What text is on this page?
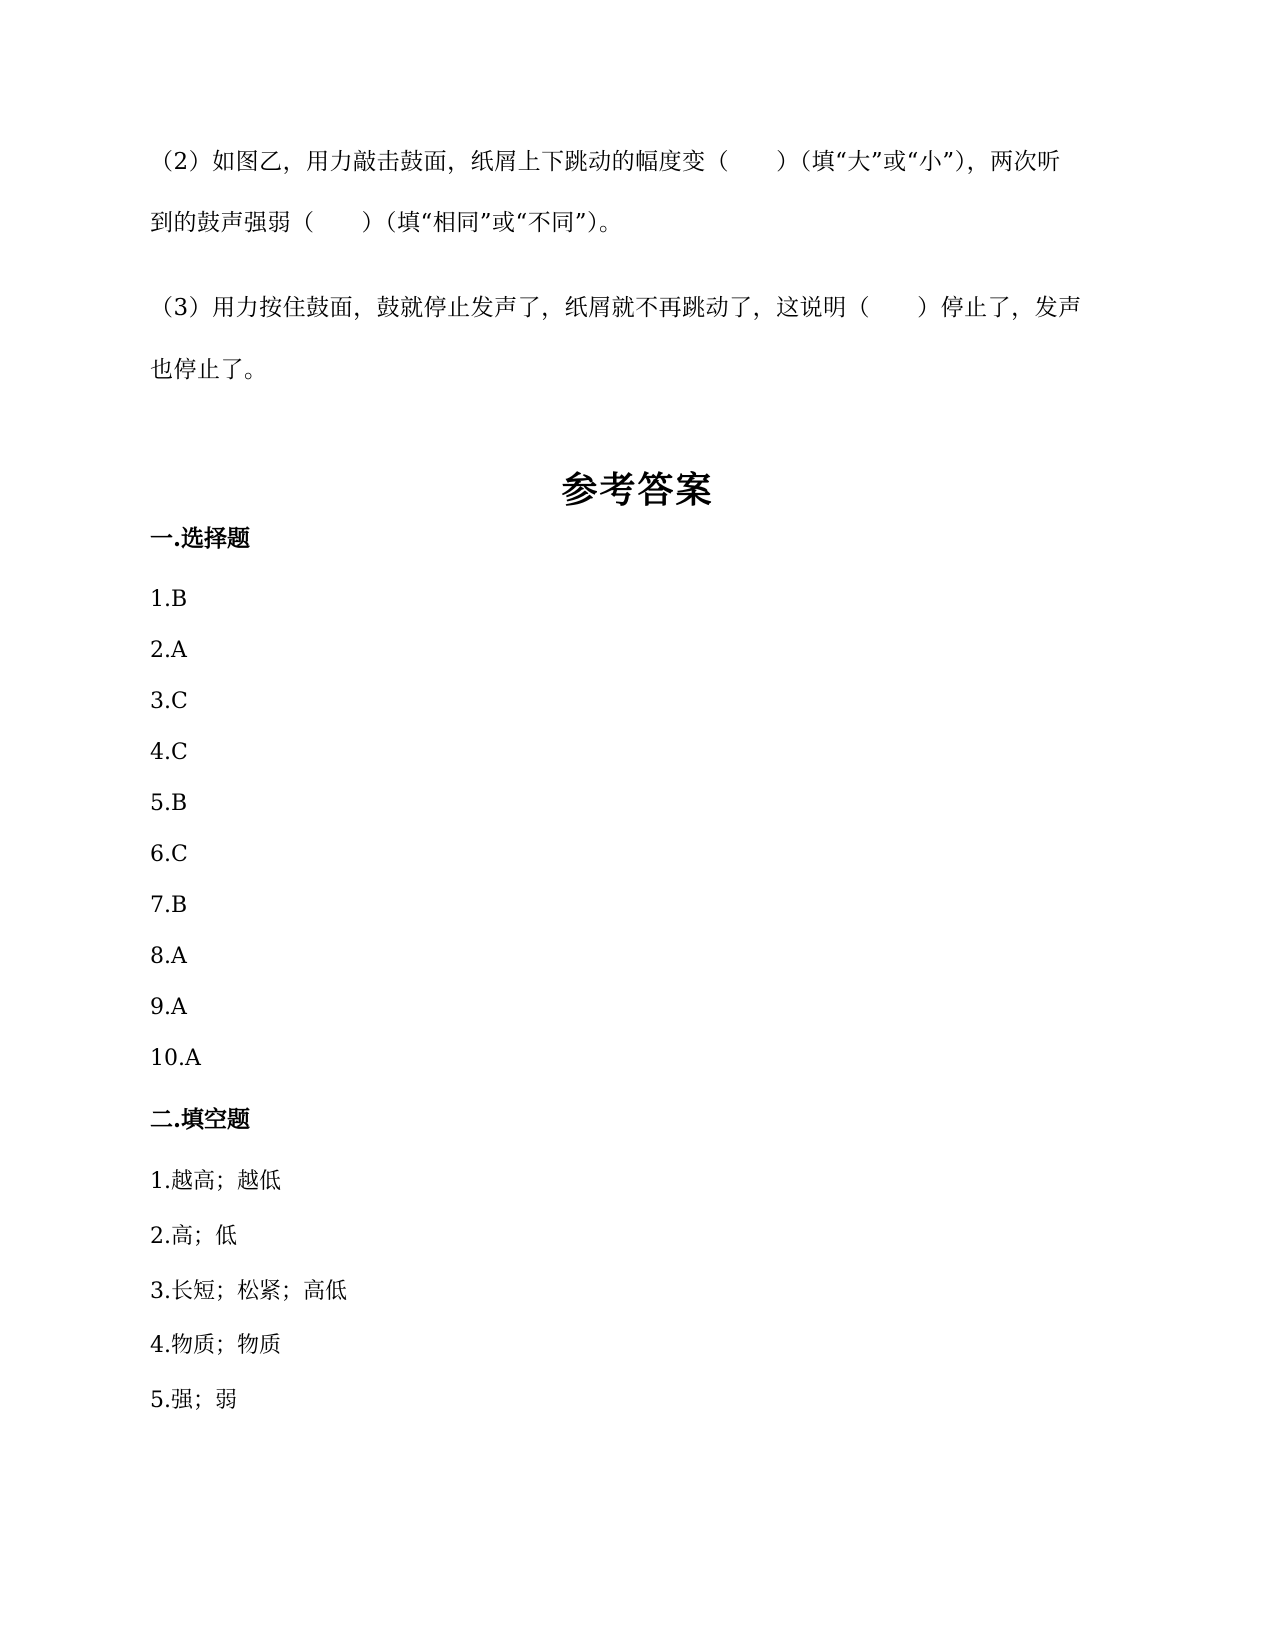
（2）如图乙，用力敲击鼓面，纸屑上下跳动的幅度变（　　）（填“大”或“小”），两次听
到的鼓声强弱（　　）（填“相同”或“不同”）。
（3）用力按住鼓面，鼓就停止发声了，纸屑就不再跳动了，这说明（　　）停止了，发声
也停止了。
参考答案
一.选择题
1.B
2.A
3.C
4.C
5.B
6.C
7.B
8.A
9.A
10.A
二.填空题
1.越高；越低
2.高；低
3.长短；松紧；高低
4.物质；物质
5.强；弱
